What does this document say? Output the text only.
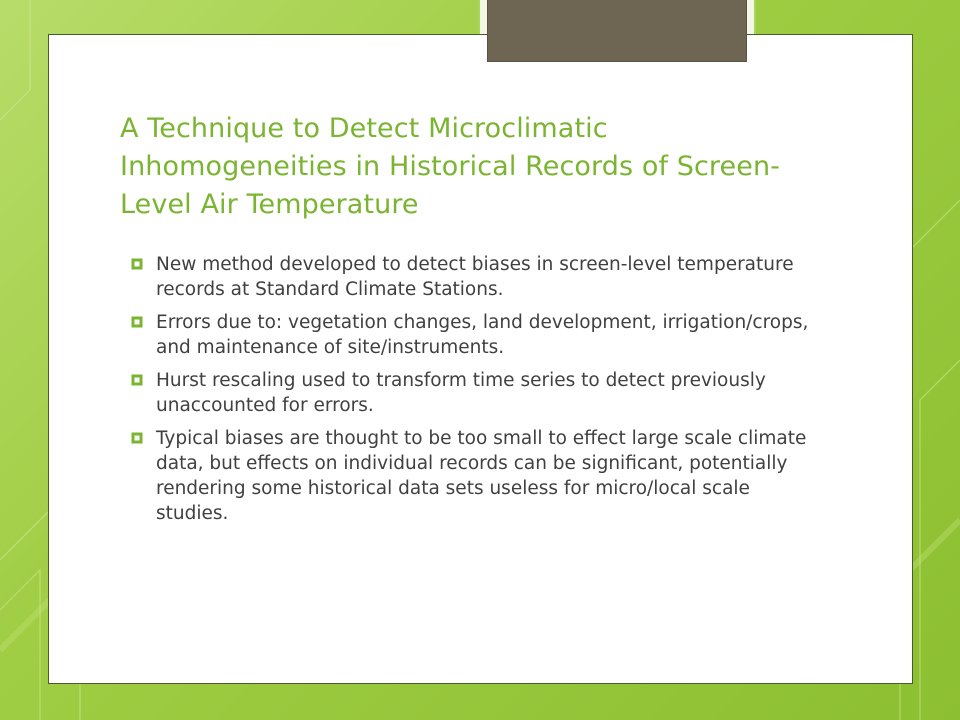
A Technique to Detect Microclimatic Inhomogeneities in Historical Records of Screen-Level Air Temperature
New method developed to detect biases in screen-level temperature records at Standard Climate Stations.
Errors due to: vegetation changes, land development, irrigation/crops, and maintenance of site/instruments.
Hurst rescaling used to transform time series to detect previously unaccounted for errors.
Typical biases are thought to be too small to effect large scale climate data, but effects on individual records can be significant, potentially rendering some historical data sets useless for micro/local scale studies.
